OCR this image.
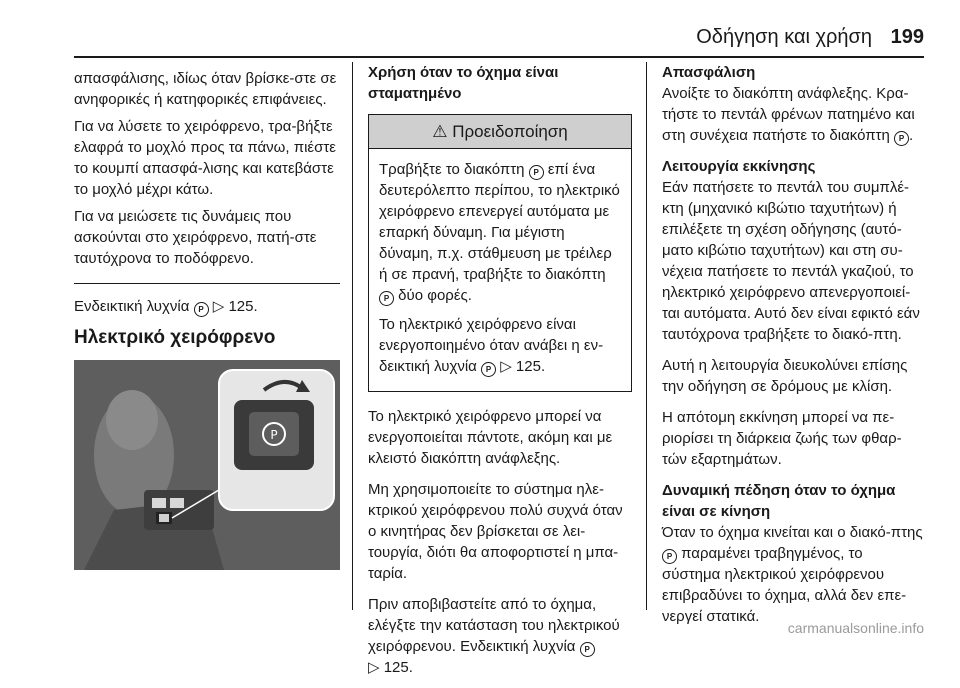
Οδήγηση και χρήση 199

απασφάλισης, ιδίως όταν βρίσκε-στε σε ανηφορικές ή κατηφορικές επιφάνειες.

Για να λύσετε το χειρόφρενο, τρα-βήξτε ελαφρά το μοχλό προς τα πάνω, πιέστε το κουμπί απασφά-λισης και κατεβάστε το μοχλό μέχρι κάτω.

Για να μειώσετε τις δυνάμεις που ασκούνται στο χειρόφρενο, πατή-στε ταυτόχρονα το ποδόφρενο.

Ενδεικτική λυχνία P ▷ 125.

Ηλεκτρικό χειρόφρενο
P

Χρήση όταν το όχημα είναι σταματημένο

⚠ Προειδοποίηση

Τραβήξτε το διακόπτη P επί ένα δευτερόλεπτο περίπου, το ηλεκτρικό χειρόφρενο επενεργεί αυτόματα με επαρκή δύναμη. Για μέγιστη δύναμη, π.χ. στάθμευση με τρέιλερ ή σε πρανή, τραβήξτε το διακόπτη P δύο φορές.

Το ηλεκτρικό χειρόφρενο είναι ενεργοποιημένο όταν ανάβει η εν-δεικτική λυχνία P ▷ 125.

Το ηλεκτρικό χειρόφρενο μπορεί να ενεργοποιείται πάντοτε, ακόμη και με κλειστό διακόπτη ανάφλεξης.

Μη χρησιμοποιείτε το σύστημα ηλε-κτρικού χειρόφρενου πολύ συχνά όταν ο κινητήρας δεν βρίσκεται σε λει-τουργία, διότι θα αποφορτιστεί η μπα-ταρία.

Πριν αποβιβαστείτε από το όχημα, ελέγξτε την κατάσταση του ηλεκτρικού χειρόφρενου. Ενδεικτική λυχνία P
▷ 125.

Απασφάλιση
Ανοίξτε το διακόπτη ανάφλεξης. Κρα-τήστε το πεντάλ φρένων πατημένο και στη συνέχεια πατήστε το διακόπτη P .

Λειτουργία εκκίνησης
Εάν πατήσετε το πεντάλ του συμπλέ-κτη (μηχανικό κιβώτιο ταχυτήτων) ή επιλέξετε τη σχέση οδήγησης (αυτό-ματο κιβώτιο ταχυτήτων) και στη συ-νέχεια πατήσετε το πεντάλ γκαζιού, το ηλεκτρικό χειρόφρενο απενεργοποιεί-ται αυτόματα. Αυτό δεν είναι εφικτό εάν ταυτόχρονα τραβήξετε το διακό-πτη.

Αυτή η λειτουργία διευκολύνει επίσης την οδήγηση σε δρόμους με κλίση.

Η απότομη εκκίνηση μπορεί να πε-ριορίσει τη διάρκεια ζωής των φθαρ-τών εξαρτημάτων.

Δυναμική πέδηση όταν το όχημα είναι σε κίνηση
Όταν το όχημα κινείται και ο διακό-πτης P παραμένει τραβηγμένος, το σύστημα ηλεκτρικού χειρόφρενου επιβραδύνει το όχημα, αλλά δεν επε-νεργεί στατικά.

carmanualsonline.info
